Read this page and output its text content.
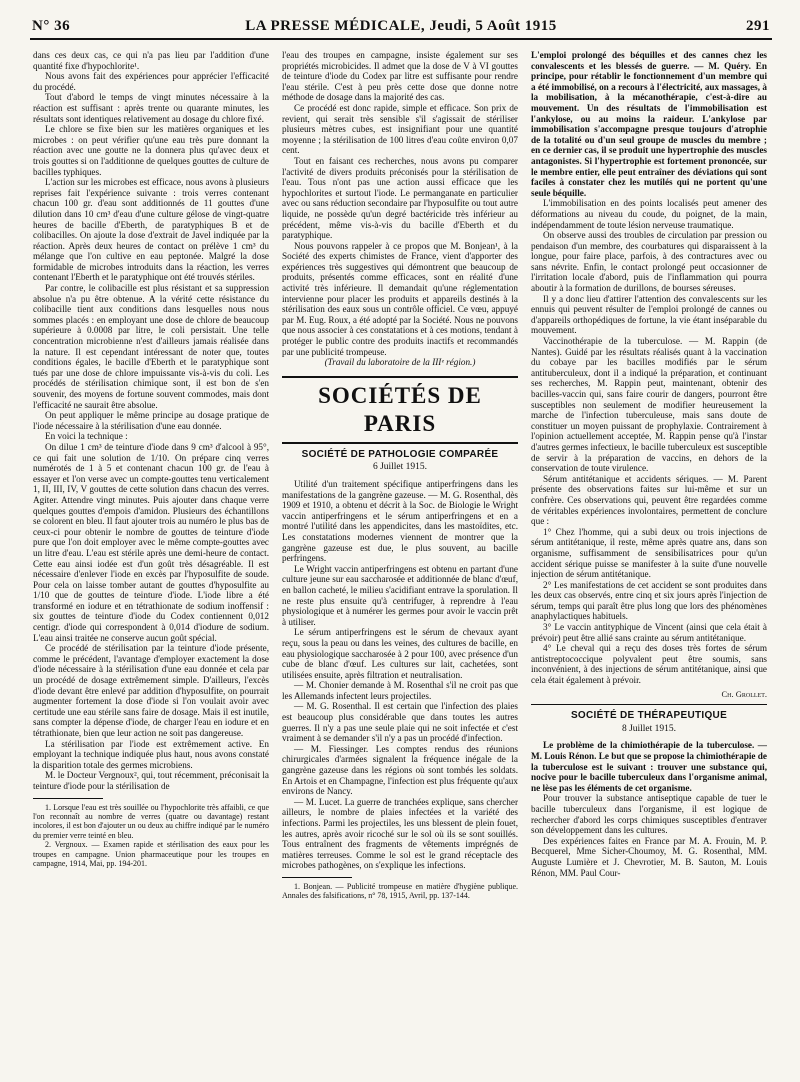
N° 36	LA PRESSE MÉDICALE, Jeudi, 5 Août 1915	291

dans ces deux cas, ce qui n'a pas lieu par l'addition d'une quantité fixe d'hypochlorite¹.

Nous avons fait des expériences pour apprécier l'efficacité du procédé.

Tout d'abord le temps de vingt minutes nécessaire à la réaction est suffisant : après trente ou quarante minutes, les résultats sont identiques relativement au dosage du chlore fixé.

Le chlore se fixe bien sur les matières organiques et les microbes : on peut vérifier qu'une eau très pure donnant la réaction avec une goutte ne la donnera plus qu'avec deux et trois gouttes si on l'additionne de quelques gouttes de culture de bacilles typhiques.

L'action sur les microbes est efficace, nous avons à plusieurs reprises fait l'expérience suivante : trois verres contenant chacun 100 gr. d'eau sont additionnés de 11 gouttes d'une dilution dans 10 cm³ d'eau d'une culture gélose de vingt-quatre heures de bacille d'Eberth, de paratyphiques B et de colibacilles. On ajoute la dose d'extrait de Javel indiquée par la réaction. Après deux heures de contact on prélève 1 cm³ du mélange que l'on cultive en eau peptonée. Malgré la dose formidable de microbes introduits dans la réaction, les verres contenant l'Eberth et le paratyphique ont été trouvés stériles.

Par contre, le colibacille est plus résistant et sa suppression absolue n'a pu être obtenue. A la vérité cette résistance du colibacille tient aux conditions dans lesquelles nous nous sommes placés : en employant une dose de chlore de beaucoup supérieure à 0.0008 par litre, le coli persistait. Une telle concentration microbienne n'est d'ailleurs jamais réalisée dans la nature. Il est cependant intéressant de noter que, toutes conditions égales, le bacille d'Eberth et le paratyphique sont tués par une dose de chlore impuissante vis-à-vis du coli. Les procédés de stérilisation chimique sont, il est bon de s'en souvenir, des moyens de fortune souvent commodes, mais dont l'efficacité ne saurait être absolue.

On peut appliquer le même principe au dosage pratique de l'iode nécessaire à la stérilisation d'une eau donnée.

En voici la technique :

On dilue 1 cm³ de teinture d'iode dans 9 cm³ d'alcool à 95°, ce qui fait une solution de 1/10. On prépare cinq verres numérotés de 1 à 5 et contenant chacun 100 gr. de l'eau à essayer et l'on verse avec un compte-gouttes tenu verticalement 1, II, III, IV, V gouttes de cette solution dans chacun des verres. Agiter. Attendre vingt minutes. Puis ajouter dans chaque verre quelques gouttes d'empois d'amidon. Plusieurs des échantillons se colorent en bleu. Il faut ajouter trois au numéro le plus bas de ceux-ci pour obtenir le nombre de gouttes de teinture d'iode pure que l'on doit employer avec le même compte-gouttes avec un litre d'eau. L'eau est stérile après une demi-heure de contact. Cette eau ainsi iodée est d'un goût très désagréable. Il est nécessaire d'enlever l'iode en excès par l'hyposulfite de soude. Pour cela on laisse tomber autant de gouttes d'hyposulfite au 1/10 que de gouttes de teinture d'iode. L'iode libre a été transformé en iodure et en tétrathionate de sodium inoffensif : six gouttes de teinture d'iode du Codex contiennent 0,012 centigr. d'iode qui correspondent à 0,014 d'iodure de sodium. L'eau ainsi traitée ne conserve aucun goût spécial.

Ce procédé de stérilisation par la teinture d'iode présente, comme le précédent, l'avantage d'employer exactement la dose d'iode nécessaire à la stérilisation d'une eau donnée et cela par un procédé de dosage extrêmement simple. D'ailleurs, l'excès d'iode devant être enlevé par addition d'hyposulfite, on pourrait augmenter fortement la dose d'iode si l'on voulait avoir avec certitude une eau stérile sans faire de dosage. Mais il est inutile, sans compter la dépense d'iode, de charger l'eau en iodure et en tétrathionate, bien que leur action ne soit pas dangereuse.

La stérilisation par l'iode est extrêmement active. En employant la technique indiquée plus haut, nous avons constaté la disparition totale des germes microbiens.

M. le Docteur Vergnoux², qui, tout récemment, préconisait la teinture d'iode pour la stérilisation de

1. Lorsque l'eau est très souillée ou l'hypochlorite très affaibli, ce que l'on reconnaît au nombre de verres (quatre ou davantage) restant incolores, il est bon d'ajouter un ou deux au chiffre indiqué par le numéro du premier verre teinté en bleu.

2. Vergnoux. — Examen rapide et stérilisation des eaux pour les troupes en campagne. Union pharmaceutique pour les troupes en campagne, 1914, Mai, pp. 194-201.

l'eau des troupes en campagne, insiste également sur ses propriétés microbicides. Il admet que la dose de V à VI gouttes de teinture d'iode du Codex par litre est suffisante pour rendre l'eau stérile. C'est à peu près cette dose que donne notre méthode de dosage dans la majorité des cas.

Ce procédé est donc rapide, simple et efficace. Son prix de revient, qui serait très sensible s'il s'agissait de stériliser plusieurs mètres cubes, est insignifiant pour une quantité moyenne ; la stérilisation de 100 litres d'eau coûte environ 0,07 cent.

Tout en faisant ces recherches, nous avons pu comparer l'activité de divers produits préconisés pour la stérilisation de l'eau. Tous n'ont pas une action aussi efficace que les hypochlorites et surtout l'iode. Le permanganate en particulier avec ou sans réduction secondaire par l'hyposulfite ou tout autre liquide, ne possède qu'un degré bactéricide très inférieur au précédent, même vis-à-vis du bacille d'Eberth et du paratyphique.

Nous pouvons rappeler à ce propos que M. Bonjean¹, à la Société des experts chimistes de France, vient d'apporter des expériences très suggestives qui démontrent que beaucoup de produits, présentés comme efficaces, sont en réalité d'une activité très inférieure. Il demandait qu'une réglementation intervienne pour placer les produits et appareils destinés à la stérilisation des eaux sous un contrôle officiel. Ce vœu, appuyé par M. Eug. Roux, a été adopté par la Société. Nous ne pouvons que nous associer à ces constatations et à ces motions, tendant à protéger le public contre des produits inactifs et recommandés par une publicité trompeuse.

(Travail du laboratoire de la IIIᵉ région.)

SOCIÉTÉS DE PARIS
SOCIÉTÉ DE PATHOLOGIE COMPARÉE
6 Juillet 1915.

Utilité d'un traitement spécifique antiperfringens dans les manifestations de la gangrène gazeuse. — M. G. Rosenthal, dès 1909 et 1910, a obtenu et décrit à la Soc. de Biologie le Wright vaccin antiperfringens et le sérum antiperfringens et en a montré l'utilité dans les appendicites, dans les mastoïdites, etc. Les constatations modernes viennent de montrer que la gangrène gazeuse est due, le plus souvent, au bacille perfringens.

Le Wright vaccin antiperfringens est obtenu en partant d'une culture jeune sur eau saccharosée et additionnée de blanc d'œuf, en ballon cacheté, le milieu s'acidifiant entrave la sporulation. Il ne reste plus ensuite qu'à centrifuger, à reprendre à l'eau physiologique et à numérer les germes pour avoir le vaccin prêt à utiliser.

Le sérum antiperfringens est le sérum de chevaux ayant reçu, sous la peau ou dans les veines, des cultures de bacille, en eau physiologique saccharosée à 2 pour 100, avec présence d'un cube de blanc d'œuf. Les cultures sur lait, cachetées, sont utilisées ensuite, après filtration et neutralisation.

— M. Chonier demande à M. Rosenthal s'il ne croit pas que les Allemands infectent leurs projectiles.

— M. G. Rosenthal. Il est certain que l'infection des plaies est beaucoup plus considérable que dans toutes les autres guerres. Il n'y a pas une seule plaie qui ne soit infectée et c'est vraiment à se demander s'il n'y a pas un procédé d'infection.

— M. Fiessinger. Les comptes rendus des réunions chirurgicales d'armées signalent la fréquence inégale de la gangrène gazeuse dans les régions où sont tombés les soldats. En Artois et en Champagne, l'infection est plus fréquente qu'aux environs de Nancy.

— M. Lucet. La guerre de tranchées explique, sans chercher ailleurs, le nombre de plaies infectées et la variété des infections. Parmi les projectiles, les uns blessent de plein fouet, les autres, après avoir ricoché sur le sol où ils se sont souillés. Tous entraînent des fragments de vêtements imprégnés de matières terreuses. Comme le sol est le grand réceptacle des microbes pathogènes, on s'explique les infections.

1. Bonjean. — Publicité trompeuse en matière d'hygiène publique. Annales des falsifications, n° 78, 1915, Avril, pp. 137-144.

L'emploi prolongé des béquilles et des cannes chez les convalescents et les blessés de guerre. — M. Quéry. En principe, pour rétablir le fonctionnement d'un membre qui a été immobilisé, on a recours à l'électricité, aux massages, à la mobilisation, à la mécanothérapie, c'est-à-dire au mouvement. Un des résultats de l'immobilisation est l'ankylose, ou au moins la raideur. L'ankylose par immobilisation s'accompagne presque toujours d'atrophie de la totalité ou d'un seul groupe de muscles du membre ; en ce dernier cas, il se produit une hypertrophie des muscles antagonistes. Si l'hypertrophie est fortement prononcée, sur le membre entier, elle peut entraîner des déviations qui sont faciles à constater chez les mutilés qui ne portent qu'une seule béquille.

L'immobilisation en des points localisés peut amener des déformations au niveau du coude, du poignet, de la main, indépendamment de toute lésion nerveuse traumatique.

On observe aussi des troubles de circulation par pression ou pendaison d'un membre, des courbatures qui disparaissent à la longue, pour faire place, parfois, à des contractures avec ou sans névrite. Enfin, le contact prolongé peut occasionner de l'irritation locale d'abord, puis de l'inflammation qui pourra aboutir à la formation de durillons, de bourses séreuses.

Il y a donc lieu d'attirer l'attention des convalescents sur les ennuis qui peuvent résulter de l'emploi prolongé de cannes ou d'appareils orthopédiques de fortune, la vie étant inséparable du mouvement.

Vaccinothérapie de la tuberculose. — M. Rappin (de Nantes). Guidé par les résultats réalisés quant à la vaccination du cobaye par les bacilles modifiés par le sérum antituberculeux, dont il a indiqué la préparation, et continuant ses recherches, M. Rappin peut, maintenant, obtenir des bacilles-vaccin qui, sans faire courir de dangers, pourront être susceptibles non seulement de modifier heureusement la marche de l'infection tuberculeuse, mais sans doute de constituer un moyen puissant de prophylaxie. Contrairement à l'opinion actuellement acceptée, M. Rappin pense qu'à l'instar d'autres germes infectieux, le bacille tuberculeux est susceptible de servir à la préparation de vaccins, en dehors de la conservation de toute virulence.

Sérum antitétanique et accidents sériques. — M. Parent présente des observations faites sur lui-même et sur un confrère. Ces observations qui, peuvent être regardées comme de véritables expériences involontaires, permettent de conclure que :

1° Chez l'homme, qui a subi deux ou trois injections de sérum antitétanique, il reste, même après quatre ans, dans son organisme, suffisamment de sensibilisatrices pour qu'un accident sérique puisse se manifester à la suite d'une nouvelle injection de sérum antitétanique.

2° Les manifestations de cet accident se sont produites dans les deux cas observés, entre cinq et six jours après l'injection de sérum, temps qui paraît être plus long que lors des phénomènes anaphylactiques habituels.

3° Le vaccin antityphique de Vincent (ainsi que cela était à prévoir) peut être allié sans crainte au sérum antitétanique.

4° Le cheval qui a reçu des doses très fortes de sérum antistreptococcique polyvalent peut être soumis, sans inconvénient, à des injections de sérum antitétanique, ainsi que cela était également à prévoir.

Ch. Grollet.
SOCIÉTÉ DE THÉRAPEUTIQUE
8 Juillet 1915.

Le problème de la chimiothérapie de la tuberculose. — M. Louis Rénon. Le but que se propose la chimiothérapie de la tuberculose est le suivant : trouver une substance qui, nocive pour le bacille tuberculeux dans l'organisme animal, ne lèse pas les éléments de cet organisme.

Pour trouver la substance antiseptique capable de tuer le bacille tuberculeux dans l'organisme, il est logique de rechercher d'abord les corps chimiques susceptibles d'entraver son développement dans les cultures.

Des expériences faites en France par M. A. Frouin, M. P. Becquerel, Mme Sicher-Choumoy, M. G. Rosenthal, MM. Auguste Lumière et J. Chevrotier, M. B. Sauton, M. Louis Rénon, MM. Paul Cour-
